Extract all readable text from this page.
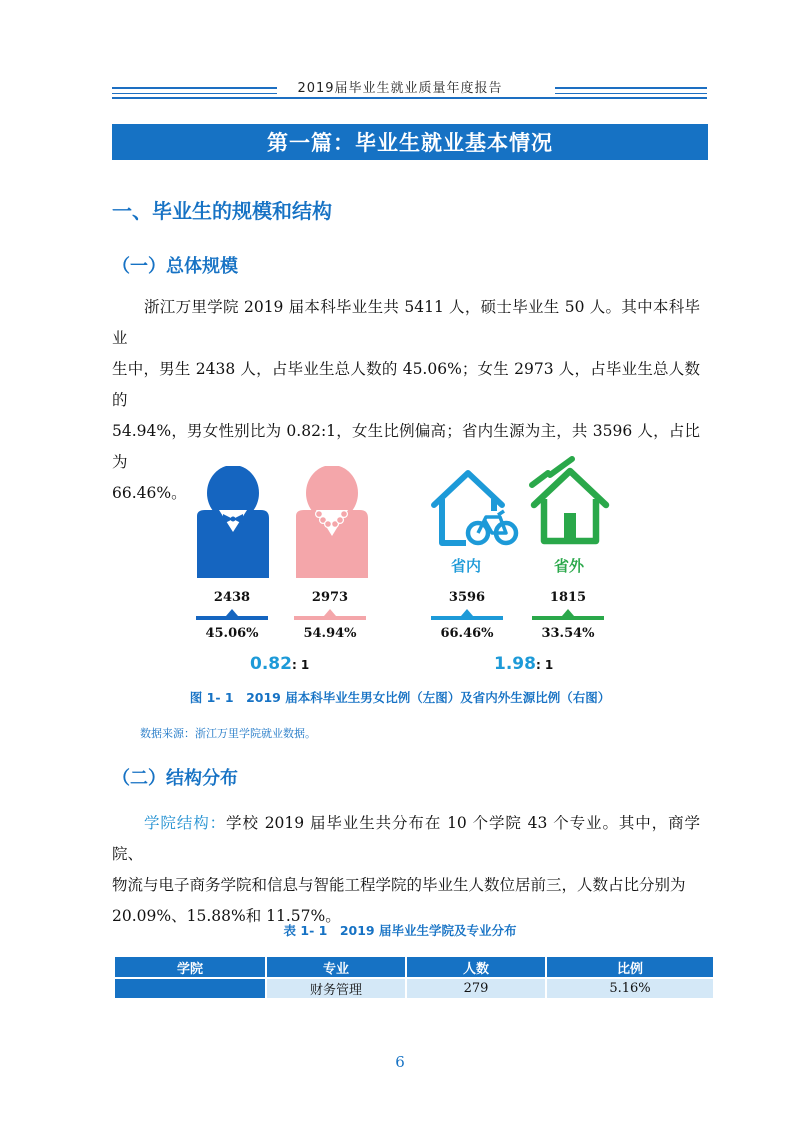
2019届毕业生就业质量年度报告
第一篇：毕业生就业基本情况
一、毕业生的规模和结构
（一）总体规模

浙江万里学院 2019 届本科毕业生共 5411 人，硕士毕业生 50 人。其中本科毕业

生中，男生 2438 人，占毕业生总人数的 45.06%；女生 2973 人，占毕业生总人数的

54.94%，男女性别比为 0.82:1，女生比例偏高；省内生源为主，共 3596 人，占比为

66.46%。

省内	省外
2438	2973	3596	1815
45.06%	54.94%	66.46%	33.54%
0.82: 1	1.98: 1
图 1- 1　2019 届本科毕业生男女比例（左图）及省内外生源比例（右图）
数据来源：浙江万里学院就业数据。
（二）结构分布

学院结构：学校 2019 届毕业生共分布在 10 个学院 43 个专业。其中，商学院、

物流与电子商务学院和信息与智能工程学院的毕业生人数位居前三，人数占比分别为

20.09%、15.88%和 11.57%。

表 1- 1　2019 届毕业生学院及专业分布
学院	专业	人数	比例
	财务管理	279	5.16%
6
